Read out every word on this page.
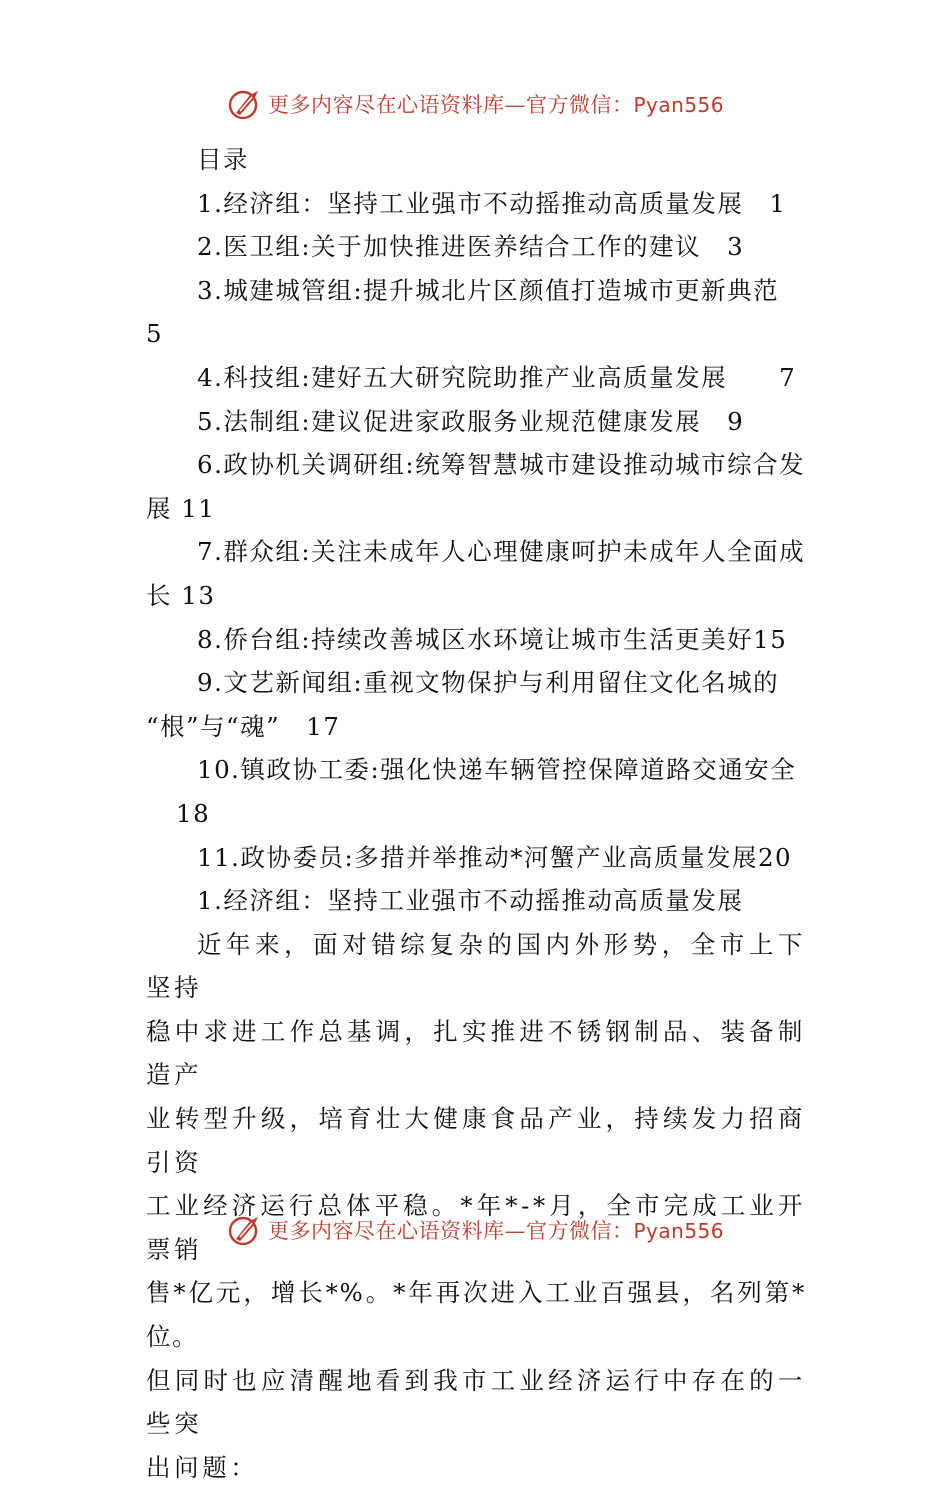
更多内容尽在心语资料库—官方微信：Pyan556

目录

1.经济组：坚持工业强市不动摇推动高质量发展　1

2.医卫组:关于加快推进医养结合工作的建议　3

3.城建城管组:提升城北片区颜值打造城市更新典范　5

4.科技组:建好五大研究院助推产业高质量发展　　7

5.法制组:建议促进家政服务业规范健康发展　9

6.政协机关调研组:统筹智慧城市建设推动城市综合发

展 11

7.群众组:关注未成年人心理健康呵护未成年人全面成

长 13

8.侨台组:持续改善城区水环境让城市生活更美好15

9.文艺新闻组:重视文物保护与利用留住文化名城的

“根”与“魂”　17

10.镇政协工委:强化快递车辆管控保障道路交通安全

18

11.政协委员:多措并举推动*河蟹产业高质量发展20

1.经济组：坚持工业强市不动摇推动高质量发展

近年来，面对错综复杂的国内外形势，全市上下坚持

稳中求进工作总基调，扎实推进不锈钢制品、装备制造产

业转型升级，培育壮大健康食品产业，持续发力招商引资

工业经济运行总体平稳。*年*-*月，全市完成工业开票销

售*亿元，增长*%。*年再次进入工业百强县，名列第*位。

但同时也应清醒地看到我市工业经济运行中存在的一些突

出问题：

更多内容尽在心语资料库—官方微信：Pyan556
